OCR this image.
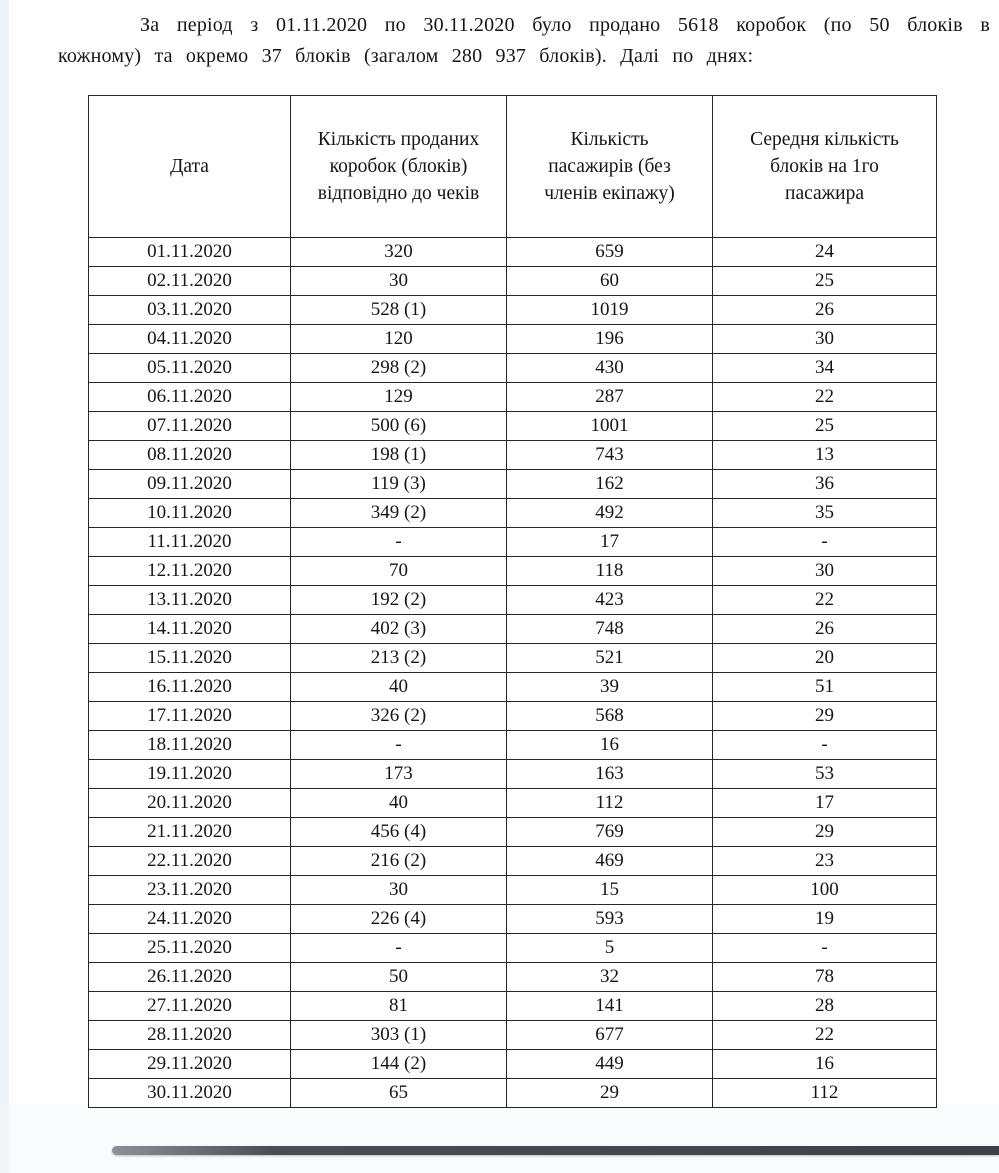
За період з 01.11.2020 по 30.11.2020 було продано 5618 коробок (по 50 блоків в кожному) та окремо 37 блоків (загалом 280 937 блоків). Далі по днях:

Дата	Кількість проданих коробок (блоків) відповідно до чеків	Кількість пасажирів (без членів екіпажу)	Середня кількість блоків на 1го пасажира
01.11.2020	320	659	24
02.11.2020	30	60	25
03.11.2020	528 (1)	1019	26
04.11.2020	120	196	30
05.11.2020	298 (2)	430	34
06.11.2020	129	287	22
07.11.2020	500 (6)	1001	25
08.11.2020	198 (1)	743	13
09.11.2020	119 (3)	162	36
10.11.2020	349 (2)	492	35
11.11.2020	-	17	-
12.11.2020	70	118	30
13.11.2020	192 (2)	423	22
14.11.2020	402 (3)	748	26
15.11.2020	213 (2)	521	20
16.11.2020	40	39	51
17.11.2020	326 (2)	568	29
18.11.2020	-	16	-
19.11.2020	173	163	53
20.11.2020	40	112	17
21.11.2020	456 (4)	769	29
22.11.2020	216 (2)	469	23
23.11.2020	30	15	100
24.11.2020	226 (4)	593	19
25.11.2020	-	5	-
26.11.2020	50	32	78
27.11.2020	81	141	28
28.11.2020	303 (1)	677	22
29.11.2020	144 (2)	449	16
30.11.2020	65	29	112
